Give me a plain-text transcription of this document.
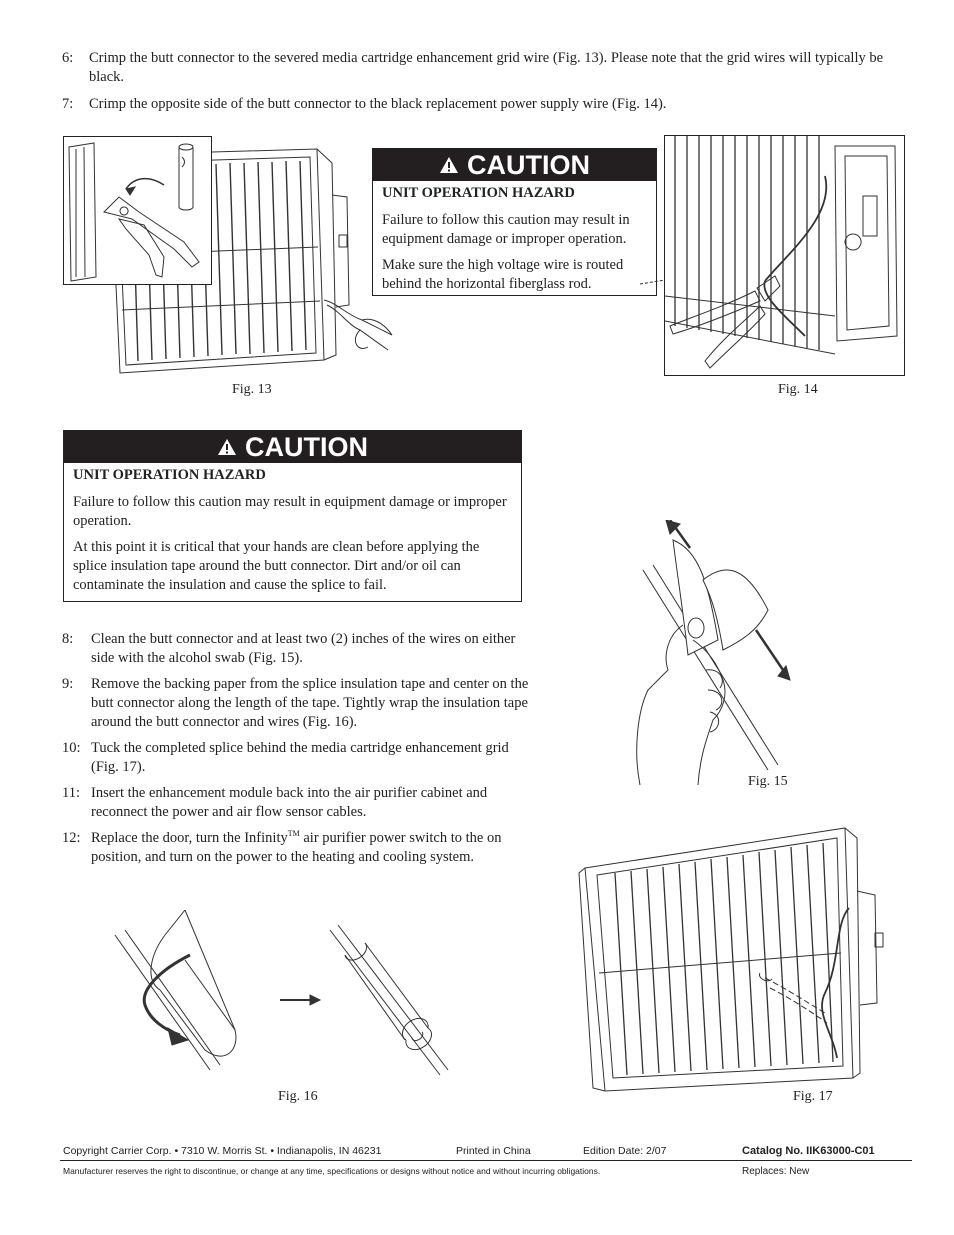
6: Crimp the butt connector to the severed media cartridge enhancement grid wire (Fig. 13). Please note that the grid wires will typically be black.
7: Crimp the opposite side of the butt connector to the black replacement power supply wire (Fig. 14).
Fig. 13
CAUTION
UNIT OPERATION HAZARD

Failure to follow this caution may result in equipment damage or improper operation.

Make sure the high voltage wire is routed behind the horizontal fiberglass rod.

Fig. 14
CAUTION
UNIT OPERATION HAZARD

Failure to follow this caution may result in equipment damage or improper operation.

At this point it is critical that your hands are clean before applying the splice insulation tape around the butt connector. Dirt and/or oil can contaminate the insulation and cause the splice to fail.

8: Clean the butt connector and at least two (2) inches of the wires on either side with the alcohol swab (Fig. 15).
9: Remove the backing paper from the splice insulation tape and center on the butt connector along the length of the tape. Tightly wrap the insulation tape around the butt connector and wires (Fig. 16).
10: Tuck the completed splice behind the media cartridge enhancement grid (Fig. 17).
11: Insert the enhancement module back into the air purifier cabinet and reconnect the power and air flow sensor cables.
12: Replace the door, turn the Infinity™ air purifier power switch to the on position, and turn on the power to the heating and cooling system.
Fig. 15
Fig. 16	Fig. 17
Copyright Carrier Corp. • 7310 W. Morris St. • Indianapolis, IN 46231	Printed in China	Edition Date: 2/07	Catalog No. IIK63000-C01
Manufacturer reserves the right to discontinue, or change at any time, specifications or designs without notice and without incurring obligations.	Replaces: New
